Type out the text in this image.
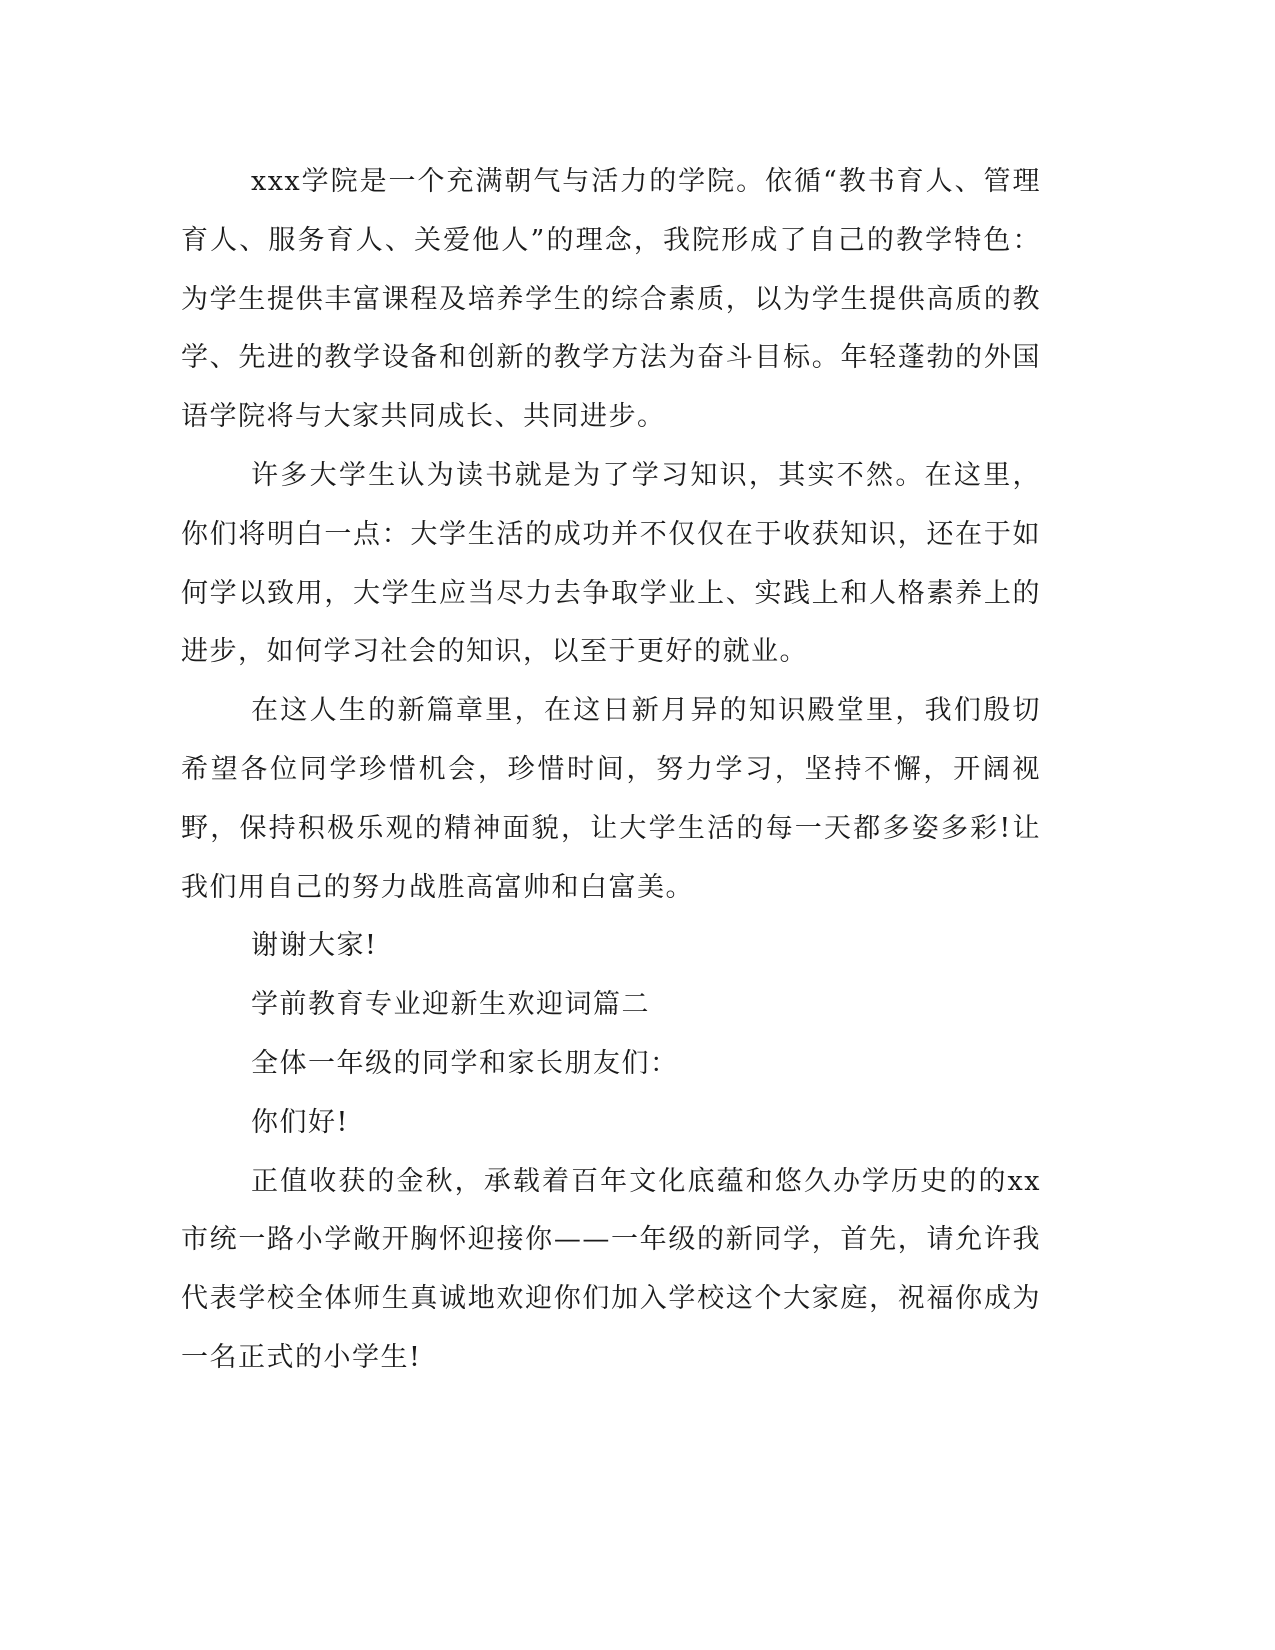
xxx学院是一个充满朝气与活力的学院。依循“教书育人、管理育人、服务育人、关爱他人”的理念，我院形成了自己的教学特色：为学生提供丰富课程及培养学生的综合素质，以为学生提供高质的教学、先进的教学设备和创新的教学方法为奋斗目标。年轻蓬勃的外国语学院将与大家共同成长、共同进步。

许多大学生认为读书就是为了学习知识，其实不然。在这里，你们将明白一点：大学生活的成功并不仅仅在于收获知识，还在于如何学以致用，大学生应当尽力去争取学业上、实践上和人格素养上的进步，如何学习社会的知识，以至于更好的就业。

在这人生的新篇章里，在这日新月异的知识殿堂里，我们殷切希望各位同学珍惜机会，珍惜时间，努力学习，坚持不懈，开阔视野，保持积极乐观的精神面貌，让大学生活的每一天都多姿多彩!让我们用自己的努力战胜高富帅和白富美。

谢谢大家!

学前教育专业迎新生欢迎词篇二

全体一年级的同学和家长朋友们：

你们好!

正值收获的金秋，承载着百年文化底蕴和悠久办学历史的的xx市统一路小学敞开胸怀迎接你——一年级的新同学，首先，请允许我代表学校全体师生真诚地欢迎你们加入学校这个大家庭，祝福你成为一名正式的小学生!
